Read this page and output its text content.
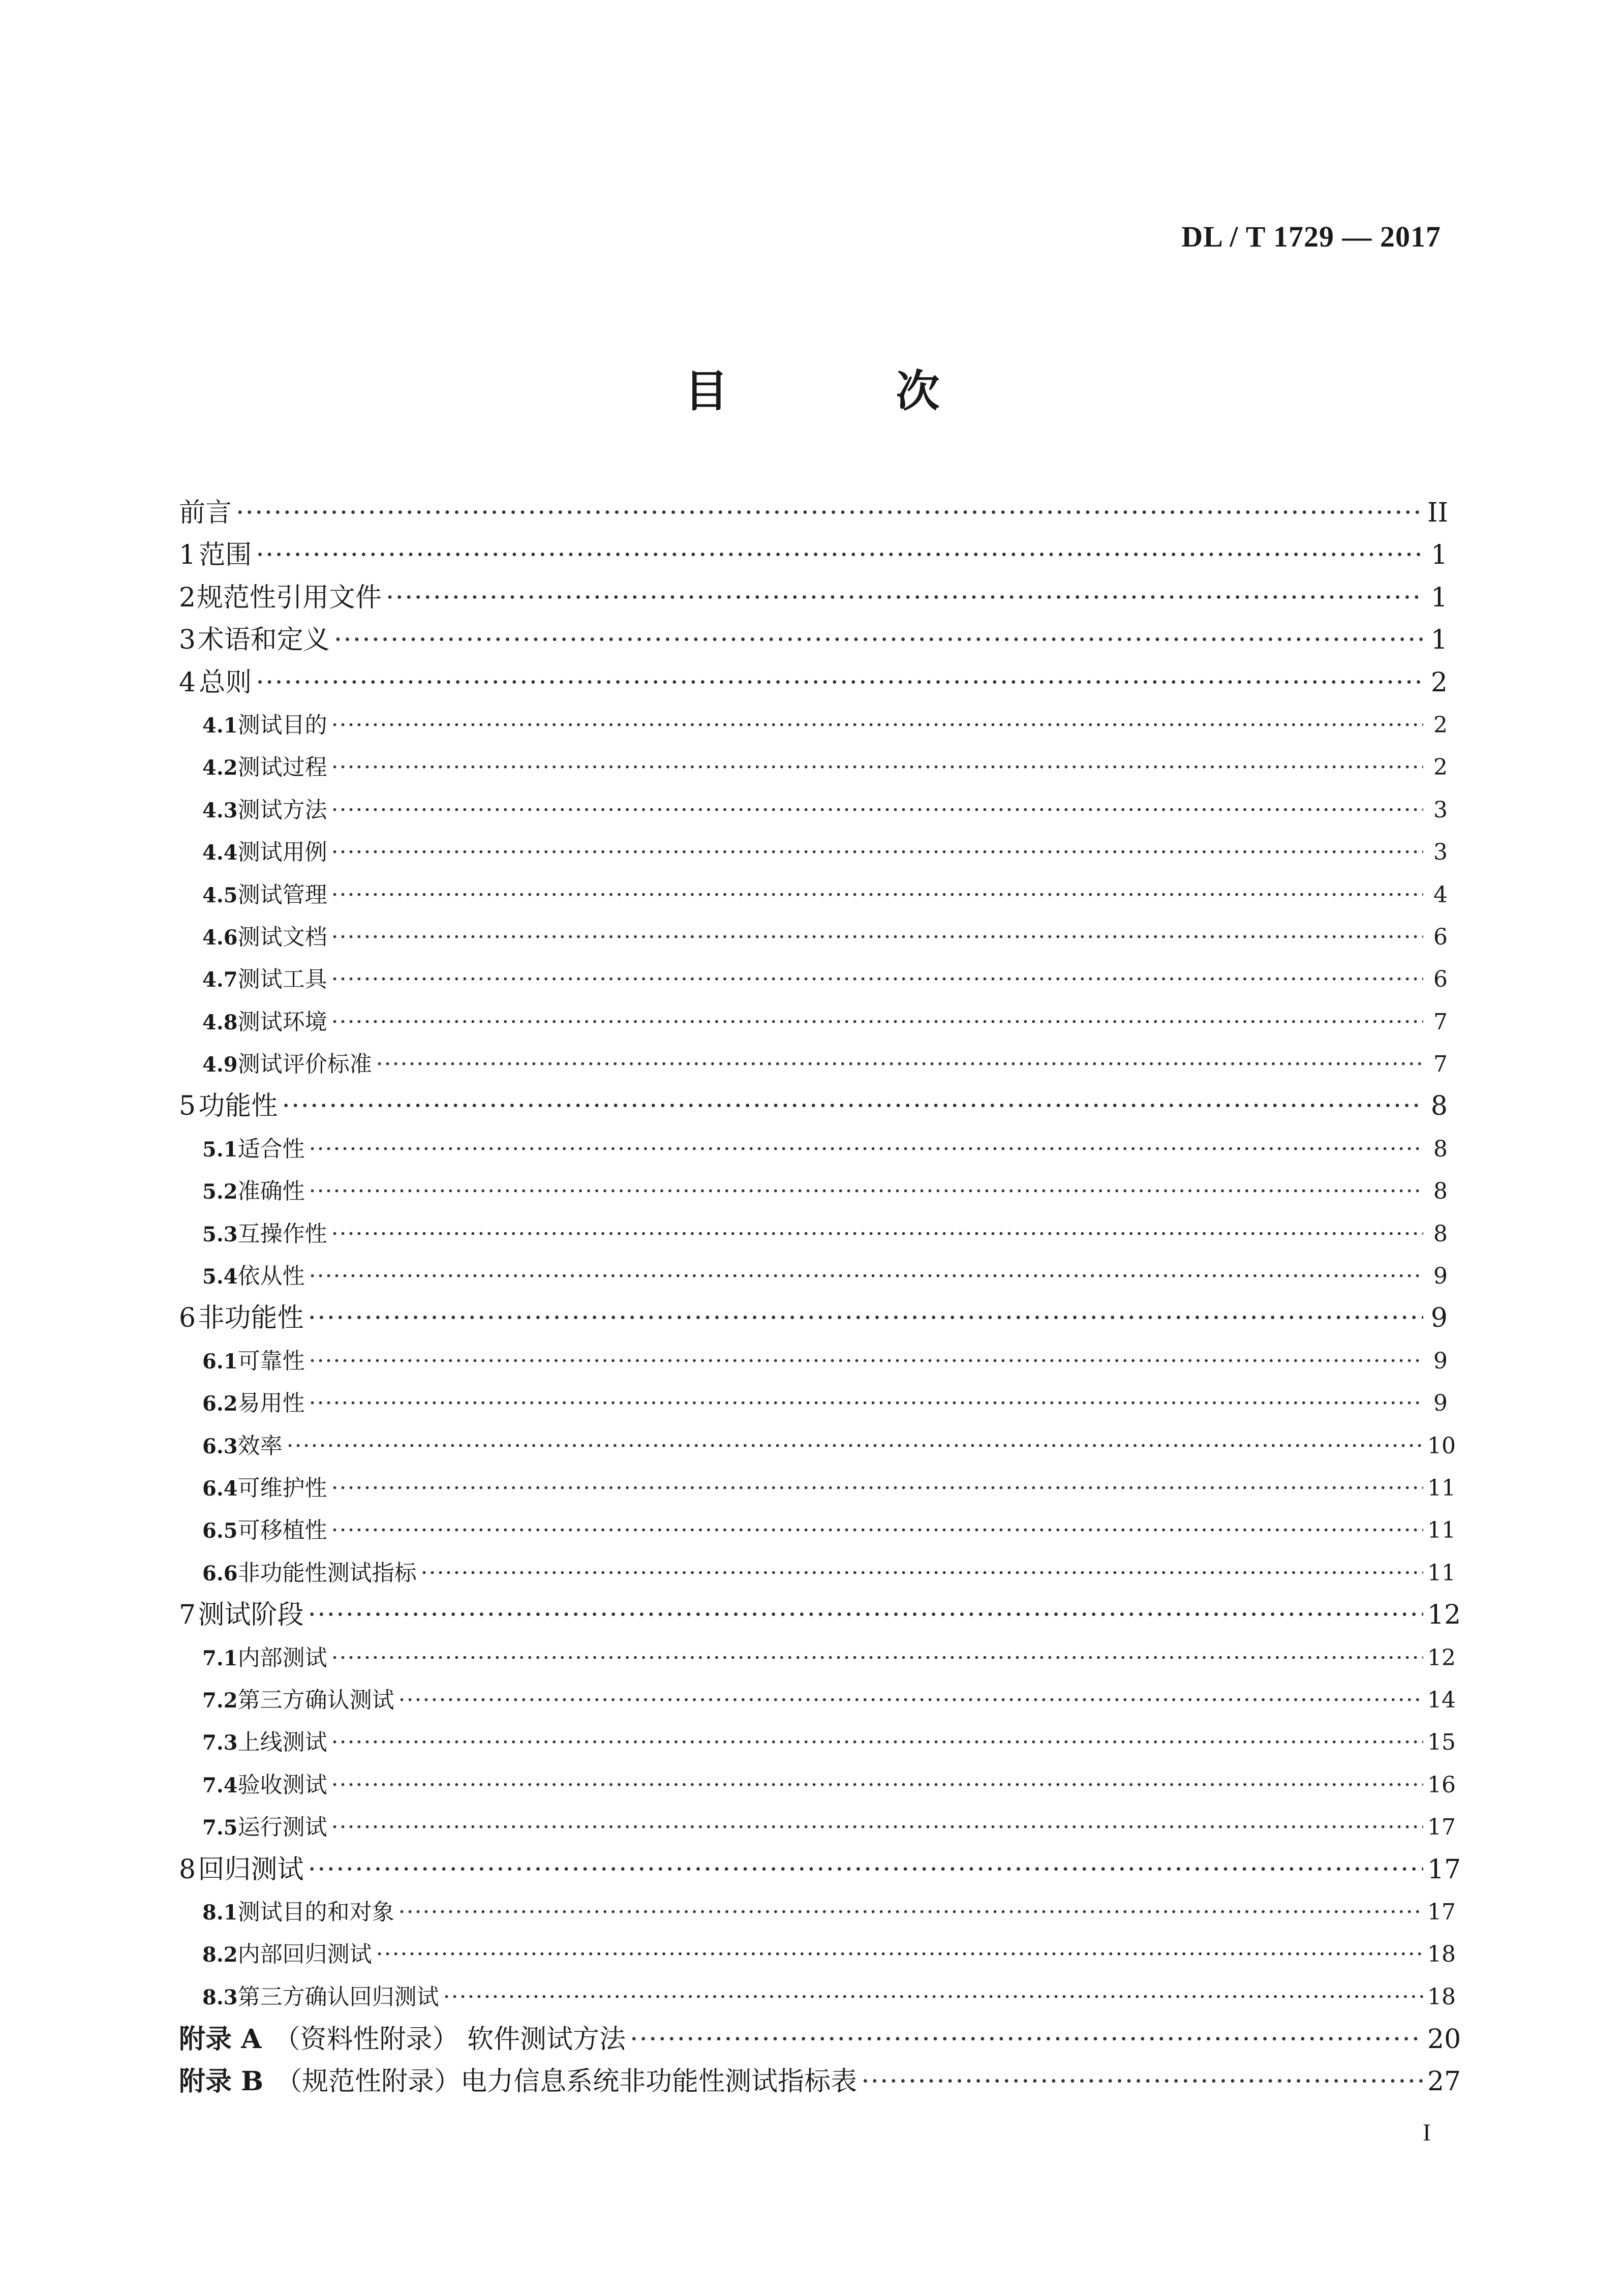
DL / T 1729 — 2017
目 次
前言 ·····	II
1 范围 ·····	1
2 规范性引用文件 ·····	1
3 术语和定义 ·····	1
4 总则 ·····	2
4.1 测试目的 ·····	2
4.2 测试过程 ·····	2
4.3 测试方法 ·····	3
4.4 测试用例 ·····	3
4.5 测试管理 ·····	4
4.6 测试文档 ·····	6
4.7 测试工具 ·····	6
4.8 测试环境 ·····	7
4.9 测试评价标准 ·····	7
5 功能性 ·····	8
5.1 适合性 ·····	8
5.2 准确性 ·····	8
5.3 互操作性 ·····	8
5.4 依从性 ·····	9
6 非功能性 ·····	9
6.1 可靠性 ·····	9
6.2 易用性 ·····	9
6.3 效率 ·····	10
6.4 可维护性 ·····	11
6.5 可移植性 ·····	11
6.6 非功能性测试指标 ·····	11
7 测试阶段 ·····	12
7.1 内部测试 ·····	12
7.2 第三方确认测试 ·····	14
7.3 上线测试 ·····	15
7.4 验收测试 ·····	16
7.5 运行测试 ·····	17
8 回归测试 ·····	17
8.1 测试目的和对象 ·····	17
8.2 内部回归测试 ·····	18
8.3 第三方确认回归测试 ·····	18
附录 A （资料性附录） 软件测试方法 ·····	20
附录 B （规范性附录）电力信息系统非功能性测试指标表 ·····	27
I
